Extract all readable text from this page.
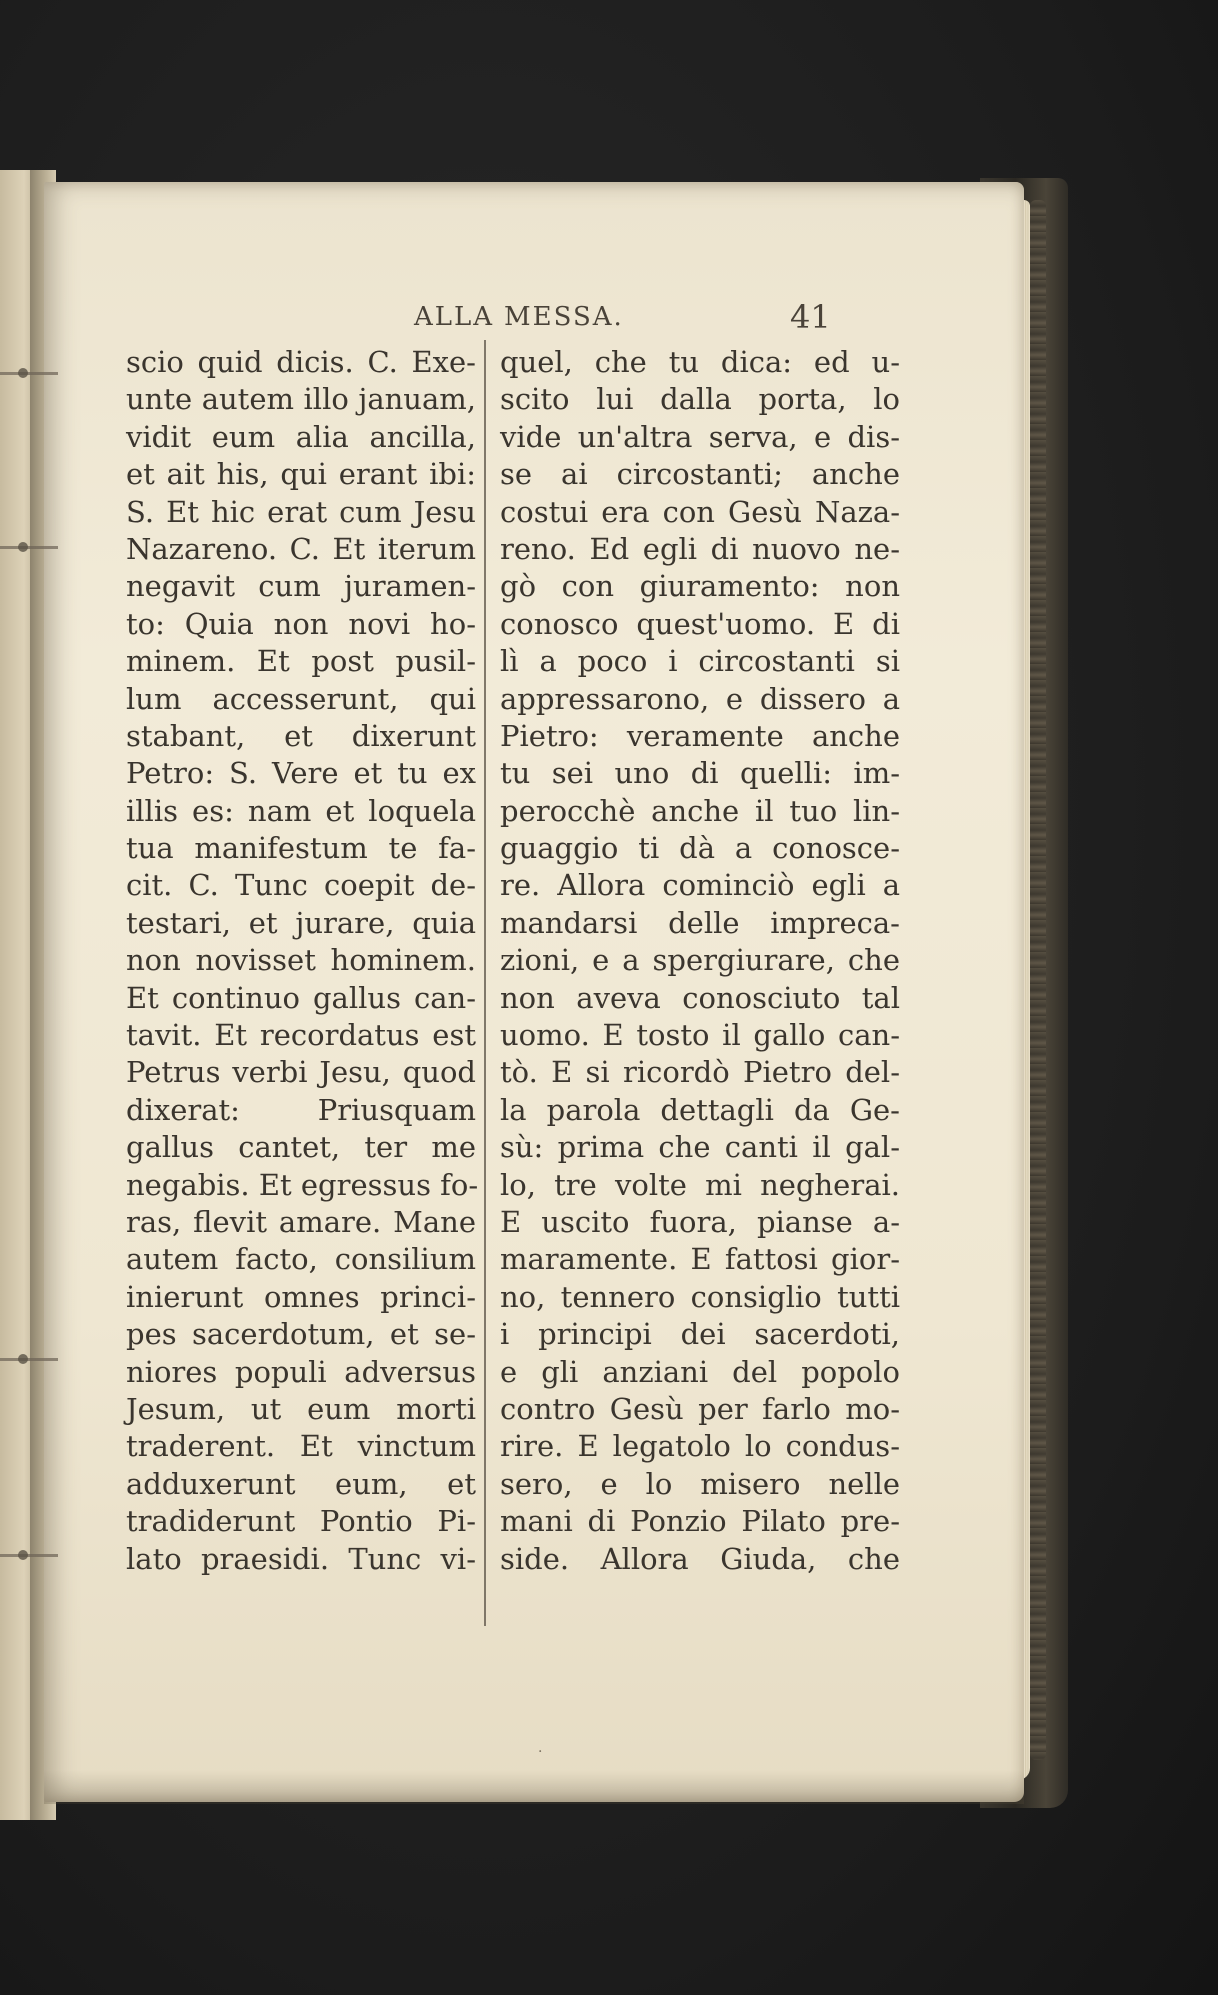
ALLA MESSA.	41
scio quid dicis. C. Exe-
unte autem illo januam,
vidit eum alia ancilla,
et ait his, qui erant ibi:
S. Et hic erat cum Jesu
Nazareno. C. Et iterum
negavit cum juramen-
to: Quia non novi ho-
minem. Et post pusil-
lum accesserunt, qui
stabant, et dixerunt
Petro: S. Vere et tu ex
illis es: nam et loquela
tua manifestum te fa-
cit. C. Tunc coepit de-
testari, et jurare, quia
non novisset hominem.
Et continuo gallus can-
tavit. Et recordatus est
Petrus verbi Jesu, quod
dixerat: Priusquam
gallus cantet, ter me
negabis. Et egressus fo-
ras, flevit amare. Mane
autem facto, consilium
inierunt omnes princi-
pes sacerdotum, et se-
niores populi adversus
Jesum, ut eum morti
traderent. Et vinctum
adduxerunt eum, et
tradiderunt Pontio Pi-
lato praesidi. Tunc vi-
quel, che tu dica: ed u-
scito lui dalla porta, lo
vide un'altra serva, e dis-
se ai circostanti; anche
costui era con Gesù Naza-
reno. Ed egli di nuovo ne-
gò con giuramento: non
conosco quest'uomo. E di
lì a poco i circostanti si
appressarono, e dissero a
Pietro: veramente anche
tu sei uno di quelli: im-
perocchè anche il tuo lin-
guaggio ti dà a conosce-
re. Allora cominciò egli a
mandarsi delle impreca-
zioni, e a spergiurare, che
non aveva conosciuto tal
uomo. E tosto il gallo can-
tò. E si ricordò Pietro del-
la parola dettagli da Ge-
sù: prima che canti il gal-
lo, tre volte mi negherai.
E uscito fuora, pianse a-
maramente. E fattosi gior-
no, tennero consiglio tutti
i principi dei sacerdoti,
e gli anziani del popolo
contro Gesù per farlo mo-
rire. E legatolo lo condus-
sero, e lo misero nelle
mani di Ponzio Pilato pre-
side. Allora Giuda, che
·
